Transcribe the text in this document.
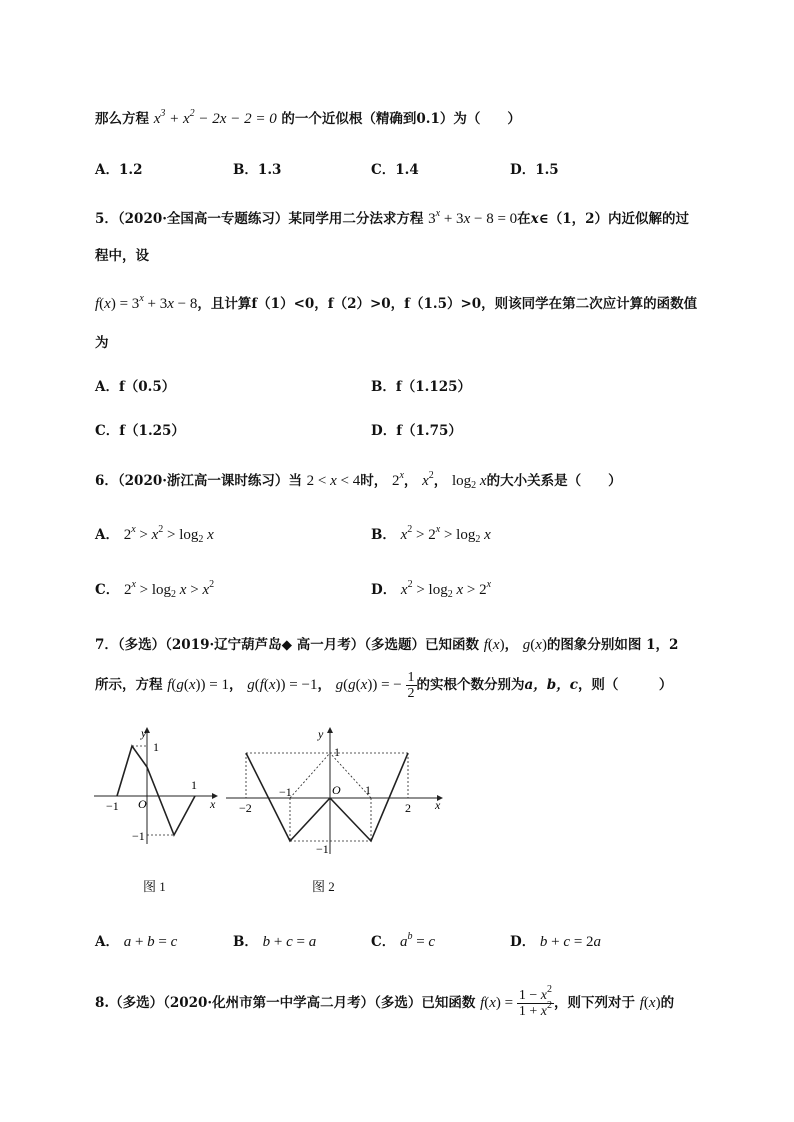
那么方程 $x^3 + x^2 - 2x - 2 = 0$ 的一个近似根（精确到0.1）为（　　）
A．1.2	B．1.3	C．1.4	D．1.5
5．（2020·全国高一专题练习）某同学用二分法求方程 $3^x + 3x - 8 = 0$在x∈（1，2）内近似解的过
程中，设
$f(x) = 3^x + 3x - 8$，且计算f（1）<0，f（2）>0，f（1.5）>0，则该同学在第二次应计算的函数值
为
A．f（0.5）	B．f（1.125）
C．f（1.25）	D．f（1.75）
6．（2020·浙江高一课时练习）当 2 < x < 4时， 2$^x$， $x^2$， $\log_2 x$的大小关系是（　　）
A． $2^x > x^2 > \log_2 x$	B． $x^2 > 2^x > \log_2 x$
C． $2^x > \log_2 x > x^2$	D． $x^2 > \log_2 x > 2^x$
7．（多选）（2019·辽宁葫芦岛◆ 高一月考）（多选题）已知函数 f(x)， g(x)的图象分别如图 1，2
所示，方程 f(g(x)) = 1， g(f(x)) = −1， g(g(x)) = − $\frac{1}{2}$ 的实根个数分别为a，b，c，则（　　　）
y
x
1
1
−1 O
−1
图 1
y
x
1
O
−2
−1	1
2
−1
图 2
A． a + b = c	B． b + c = a	C． $a^b = c$	D． b + c = 2a
8.（多选）（2020·化州市第一中学高二月考）（多选）已知函数 $f(x) = \frac{1 - x^2}{1 + x^2}$ ，则下列对于 f(x)的
